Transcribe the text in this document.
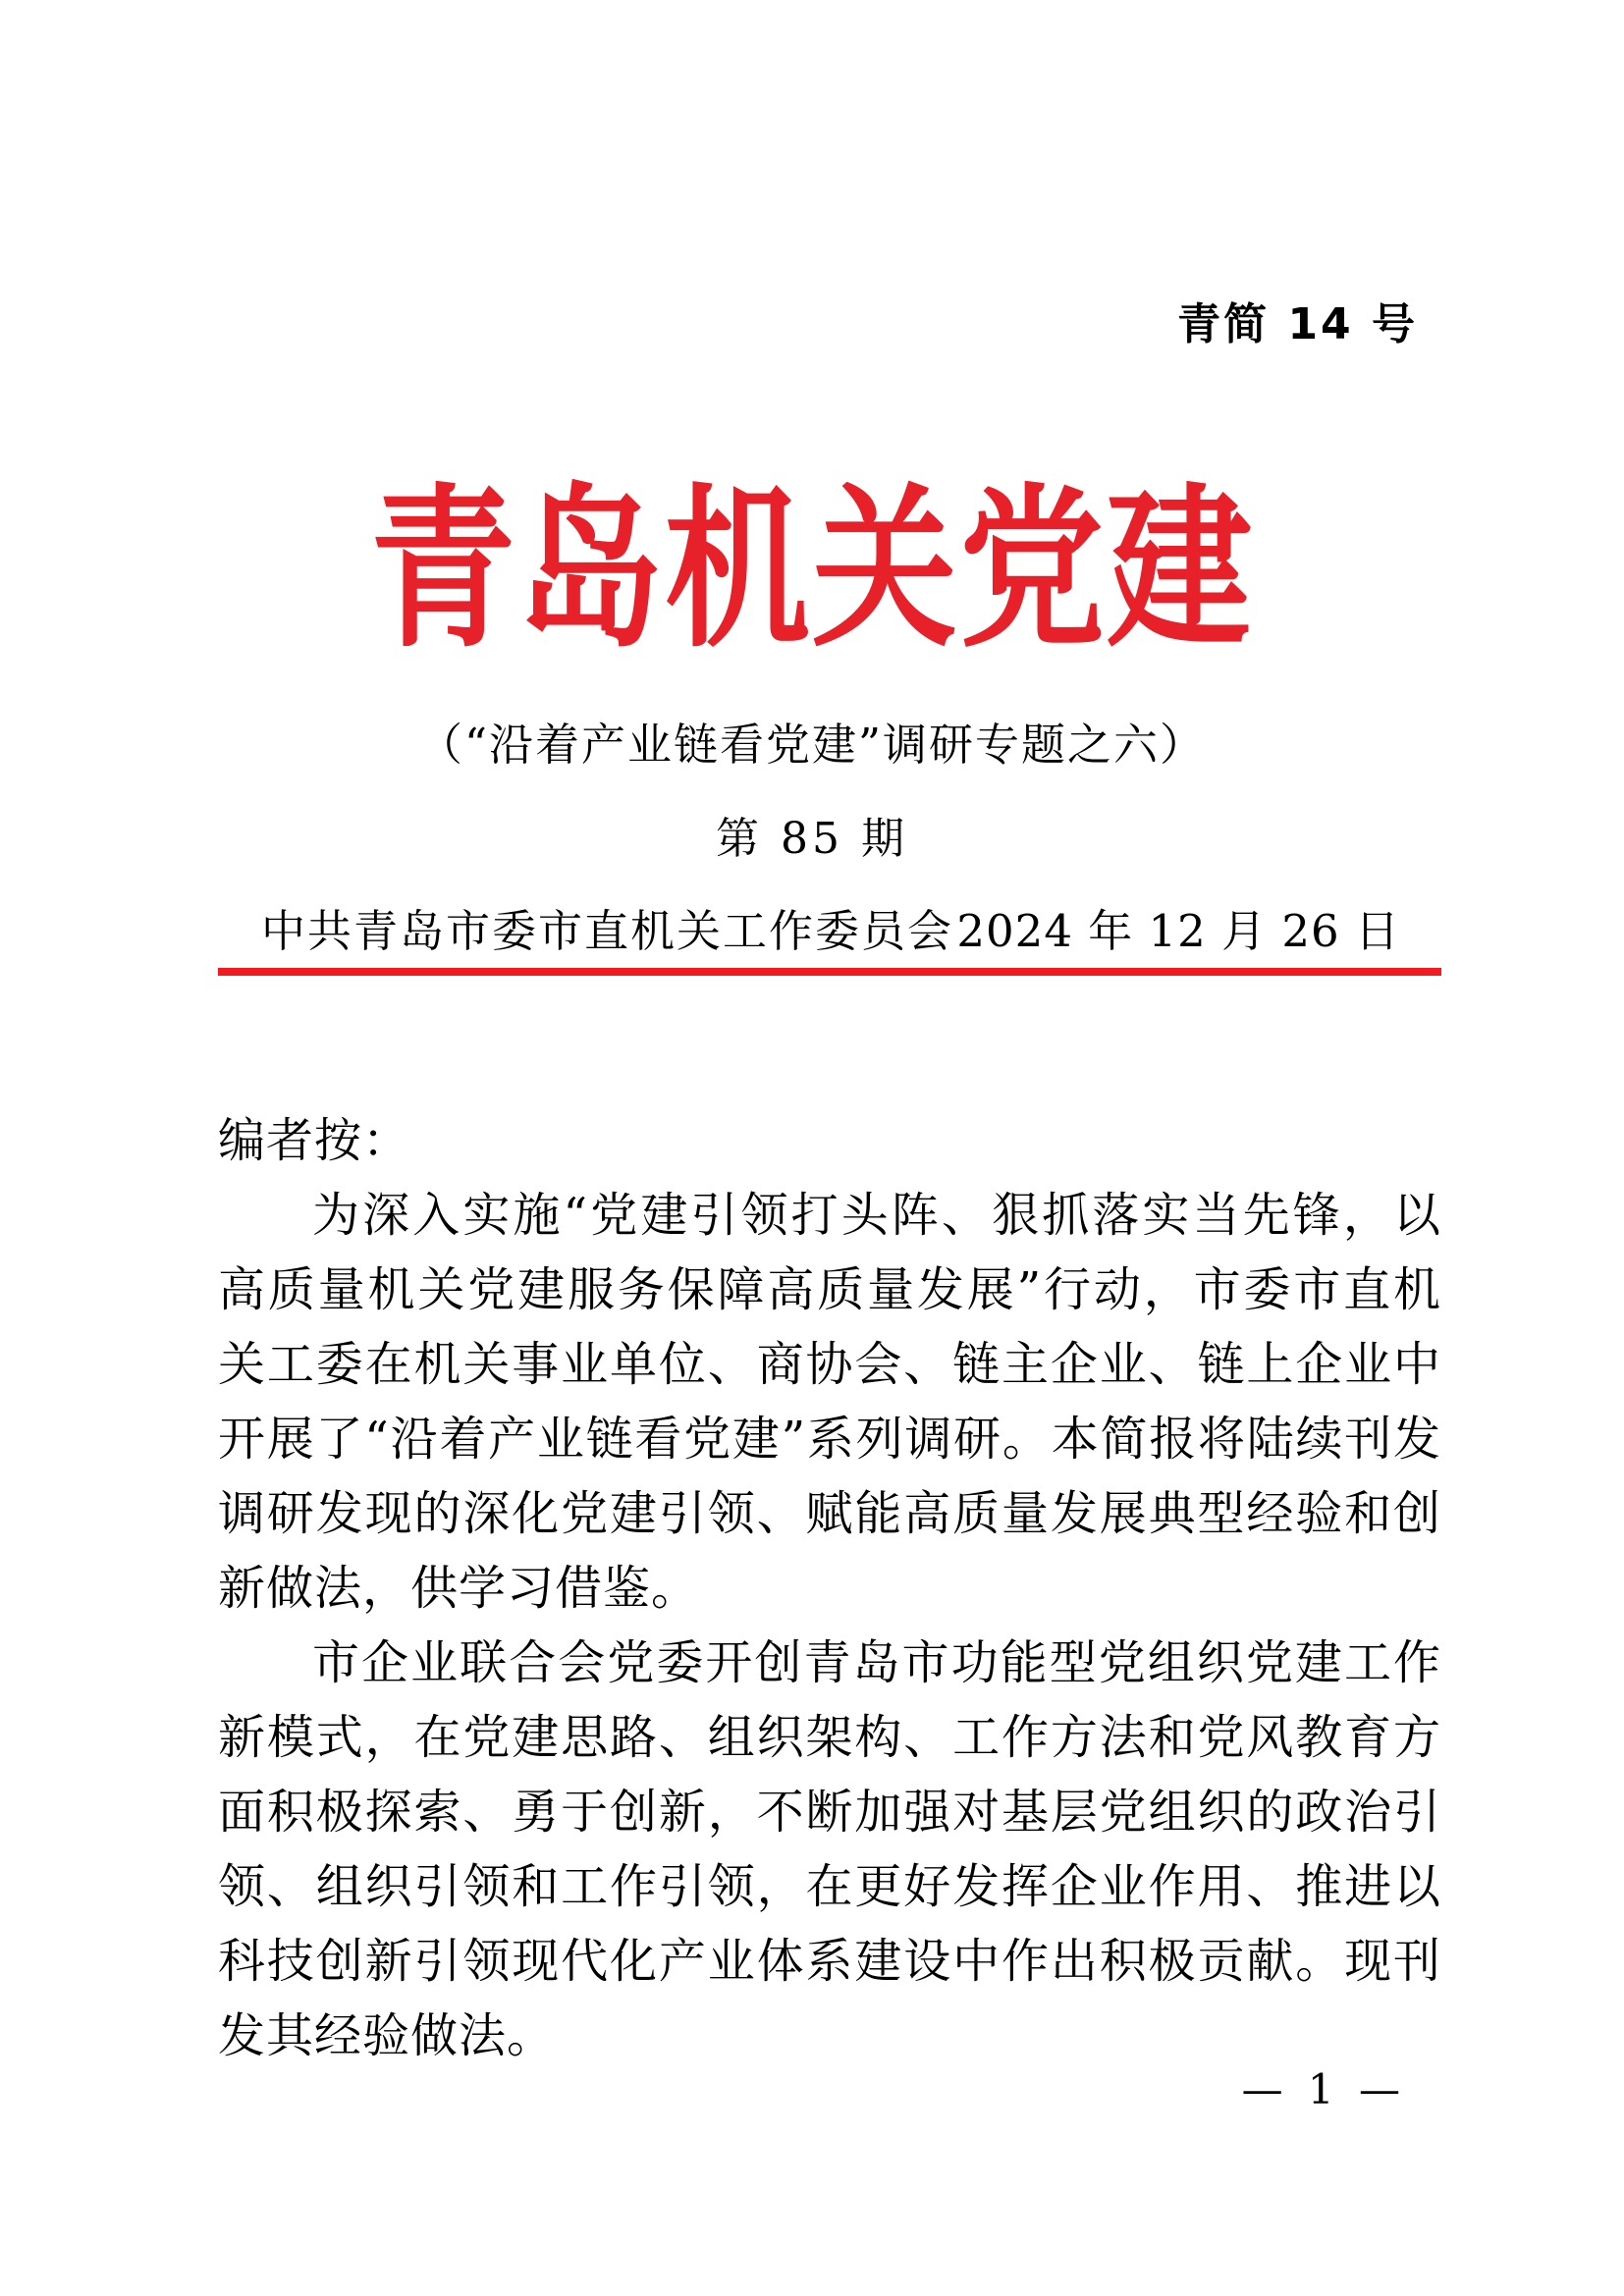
青简 14 号
青岛机关党建
（“沿着产业链看党建”调研专题之六）
第 85 期
中共青岛市委市直机关工作委员会 2024 年 12 月 26 日
编者按：

为深入实施“党建引领打头阵、狠抓落实当先锋，以高质量机关党建服务保障高质量发展”行动，市委市直机关工委在机关事业单位、商协会、链主企业、链上企业中开展了“沿着产业链看党建”系列调研。本简报将陆续刊发调研发现的深化党建引领、赋能高质量发展典型经验和创新做法，供学习借鉴。

市企业联合会党委开创青岛市功能型党组织党建工作新模式，在党建思路、组织架构、工作方法和党风教育方面积极探索、勇于创新，不断加强对基层党组织的政治引领、组织引领和工作引领，在更好发挥企业作用、推进以科技创新引领现代化产业体系建设中作出积极贡献。现刊发其经验做法。

— 1 —
